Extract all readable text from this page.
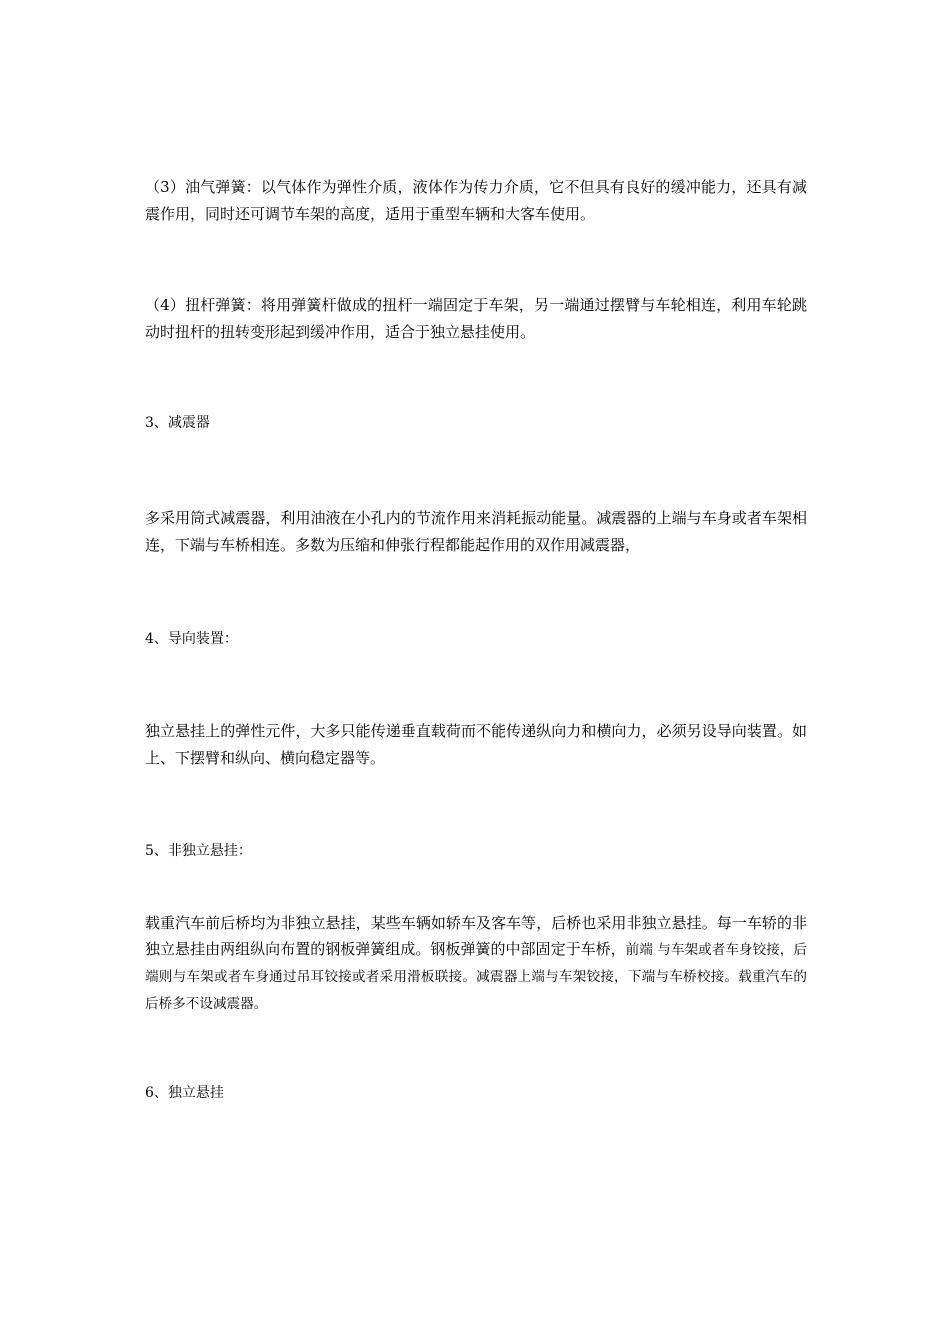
（3）油气弹簧：以气体作为弹性介质，液体作为传力介质，它不但具有良好的缓冲能力，还具有减震作用，同时还可调节车架的高度，适用于重型车辆和大客车使用。

（4）扭杆弹簧：将用弹簧杆做成的扭杆一端固定于车架，另一端通过摆臂与车轮相连，利用车轮跳动时扭杆的扭转变形起到缓冲作用，适合于独立悬挂使用。

3、减震器

多采用筒式减震器，利用油液在小孔内的节流作用来消耗振动能量。减震器的上端与车身或者车架相连，下端与车桥相连。多数为压缩和伸张行程都能起作用的双作用减震器，

4、导向装置：

独立悬挂上的弹性元件，大多只能传递垂直载荷而不能传递纵向力和横向力，必须另设导向装置。如上、下摆臂和纵向、横向稳定器等。

5、非独立悬挂：

载重汽车前后桥均为非独立悬挂，某些车辆如轿车及客车等，后桥也采用非独立悬挂。每一车轿的非独立悬挂由两组纵向布置的钢板弹簧组成。钢板弹簧的中部固定于车桥，前端 与车架或者车身铰接，后端则与车架或者车身通过吊耳铰接或者采用滑板联接。减震器上端与车架铰接，下端与车桥校接。载重汽车的后桥多不设减震器。

6、独立悬挂
